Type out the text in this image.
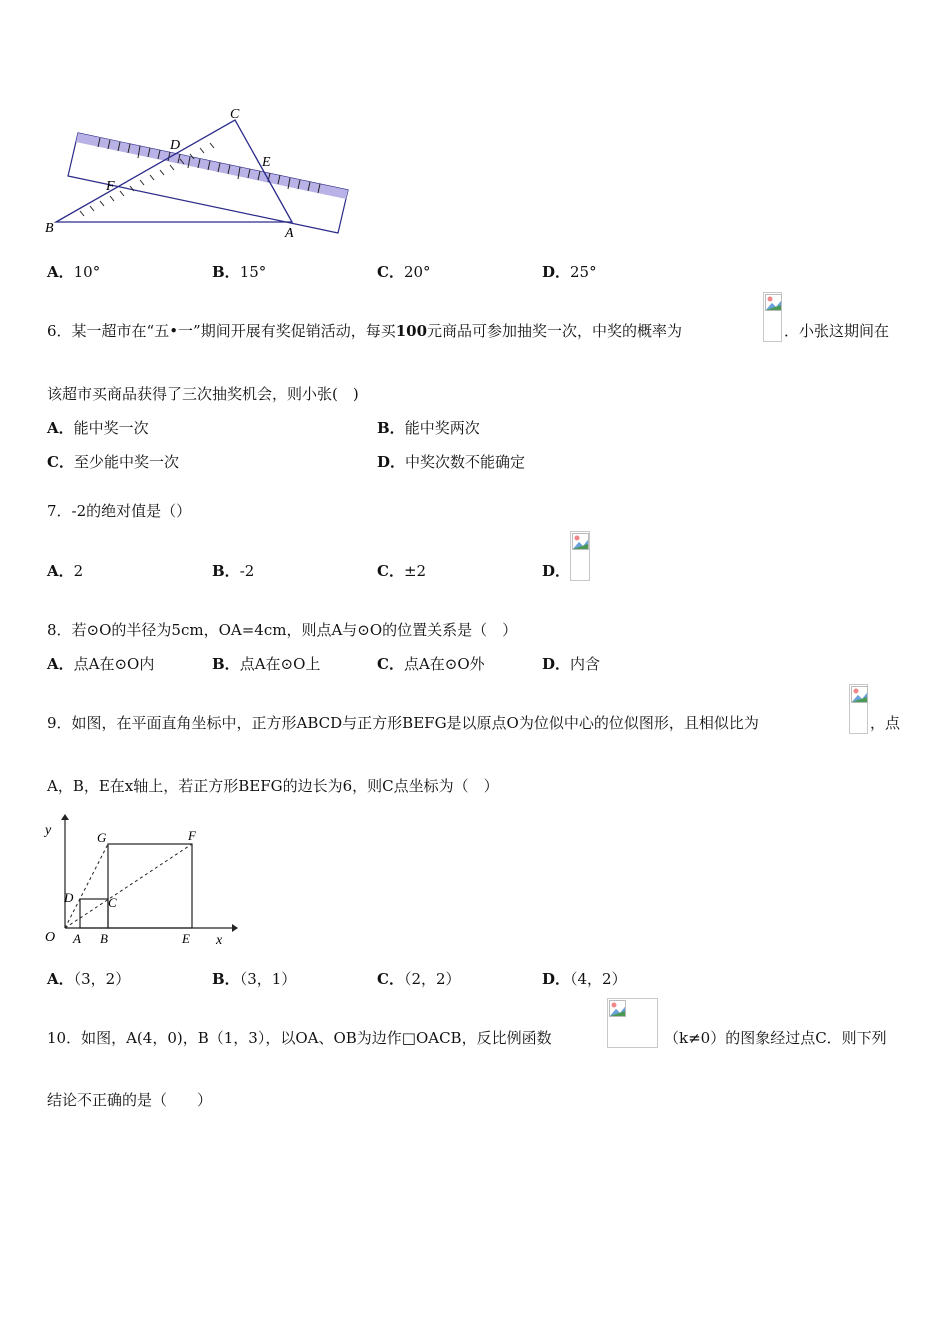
C
D
E
F
B	A
A．10°	B．15°	C．20°	D．25°
6．某一超市在“五•一”期间开展有奖促销活动，每买100元商品可参加抽奖一次，中奖的概率为	．小张这期间在
该超市买商品获得了三次抽奖机会，则小张(　)
A．能中奖一次	B．能中奖两次
C．至少能中奖一次	D．中奖次数不能确定
7．-2的绝对值是（）
A．2	B．-2	C．±2	D．
8．若⊙O的半径为5cm，OA=4cm，则点A与⊙O的位置关系是（　）
A．点A在⊙O内	B．点A在⊙O上	C．点A在⊙O外	D．内含
9．如图，在平面直角坐标中，正方形ABCD与正方形BEFG是以原点O为位似中心的位似图形，且相似比为	，点
A，B，E在x轴上，若正方形BEFG的边长为6，则C点坐标为（　）
y
x
O A B	E
C
D
G	F
A．（3，2）	B．（3，1）	C．（2，2）	D．（4，2）
10．如图，A(4，0)，B（1，3），以OA、OB为边作□OACB，反比例函数	（k≠0）的图象经过点C．则下列
结论不正确的是（　　）
